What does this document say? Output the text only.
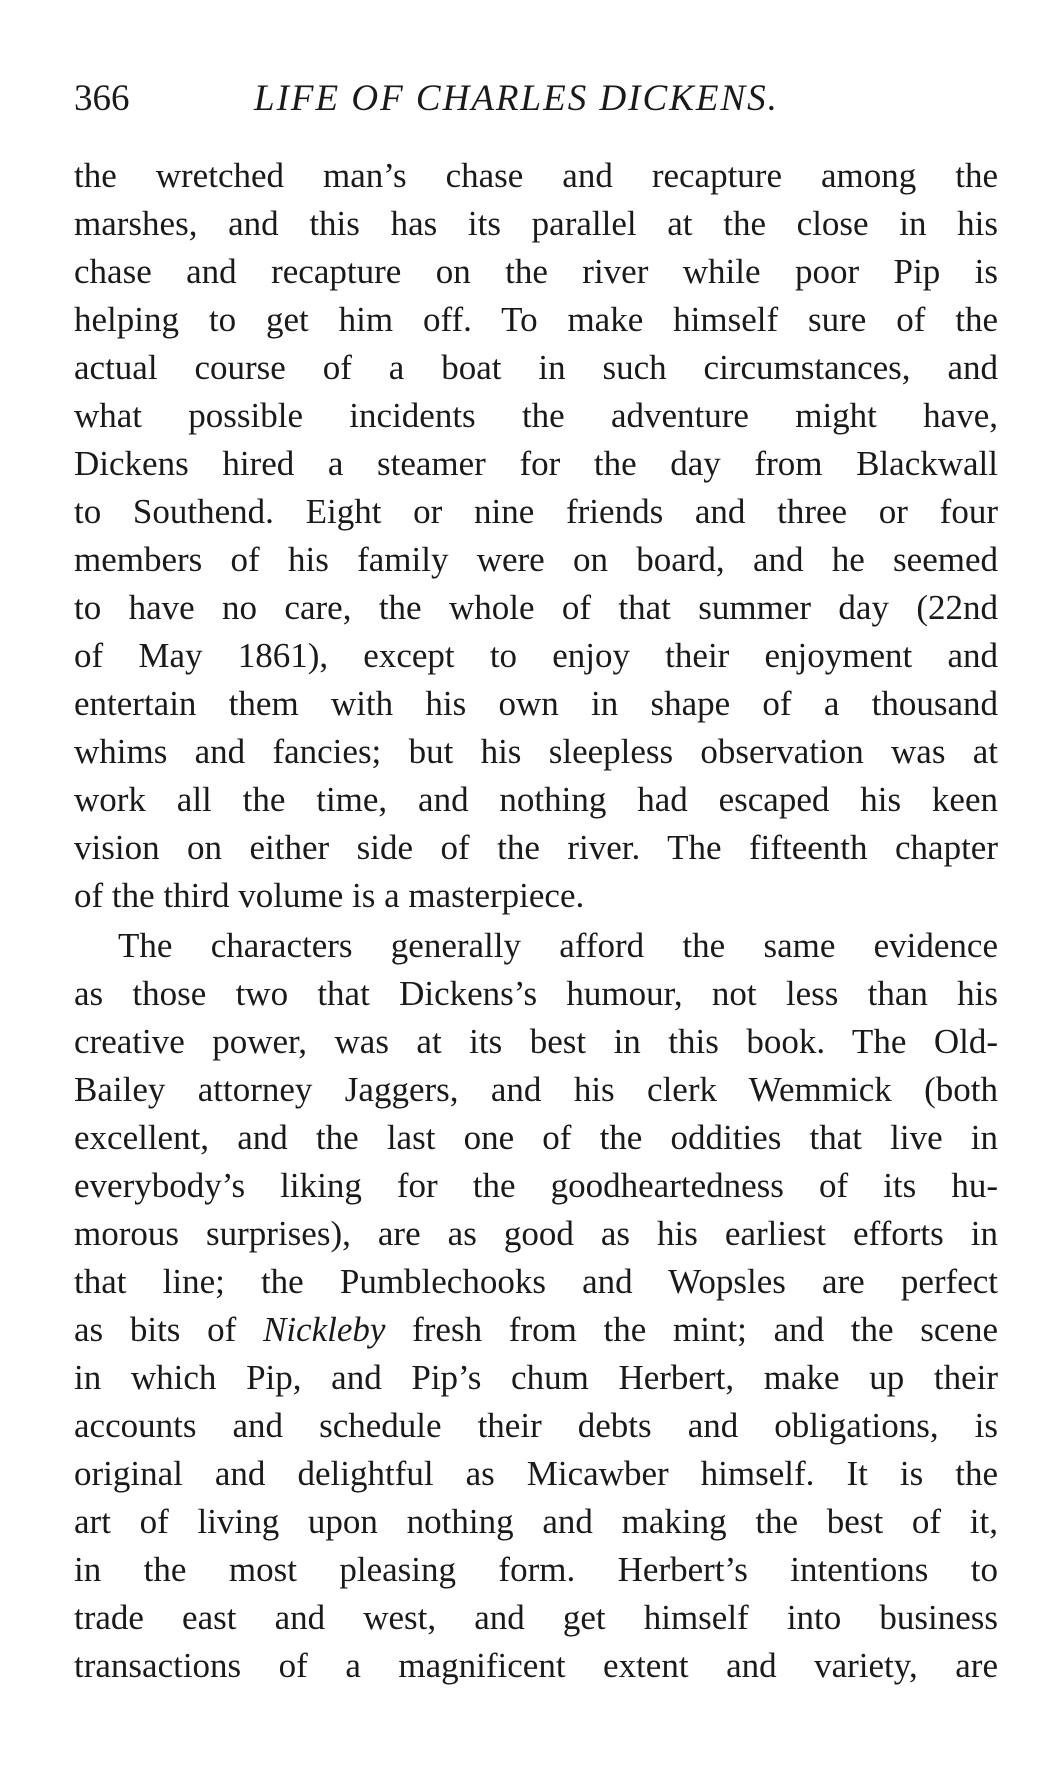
366	LIFE OF CHARLES DICKENS.
the wretched man’s chase and recapture among the
marshes, and this has its parallel at the close in his
chase and recapture on the river while poor Pip is
helping to get him off. To make himself sure of the
actual course of a boat in such circumstances, and
what possible incidents the adventure might have,
Dickens hired a steamer for the day from Blackwall
to Southend. Eight or nine friends and three or four
members of his family were on board, and he seemed
to have no care, the whole of that summer day (22nd
of May 1861), except to enjoy their enjoyment and
entertain them with his own in shape of a thousand
whims and fancies; but his sleepless observation was at
work all the time, and nothing had escaped his keen
vision on either side of the river. The fifteenth chapter
of the third volume is a masterpiece.
The characters generally afford the same evidence
as those two that Dickens’s humour, not less than his
creative power, was at its best in this book. The Old-
Bailey attorney Jaggers, and his clerk Wemmick (both
excellent, and the last one of the oddities that live in
everybody’s liking for the goodheartedness of its hu-
morous surprises), are as good as his earliest efforts in
that line; the Pumblechooks and Wopsles are perfect
as bits of Nickleby fresh from the mint; and the scene
in which Pip, and Pip’s chum Herbert, make up their
accounts and schedule their debts and obligations, is
original and delightful as Micawber himself. It is the
art of living upon nothing and making the best of it,
in the most pleasing form. Herbert’s intentions to
trade east and west, and get himself into business
transactions of a magnificent extent and variety, are
